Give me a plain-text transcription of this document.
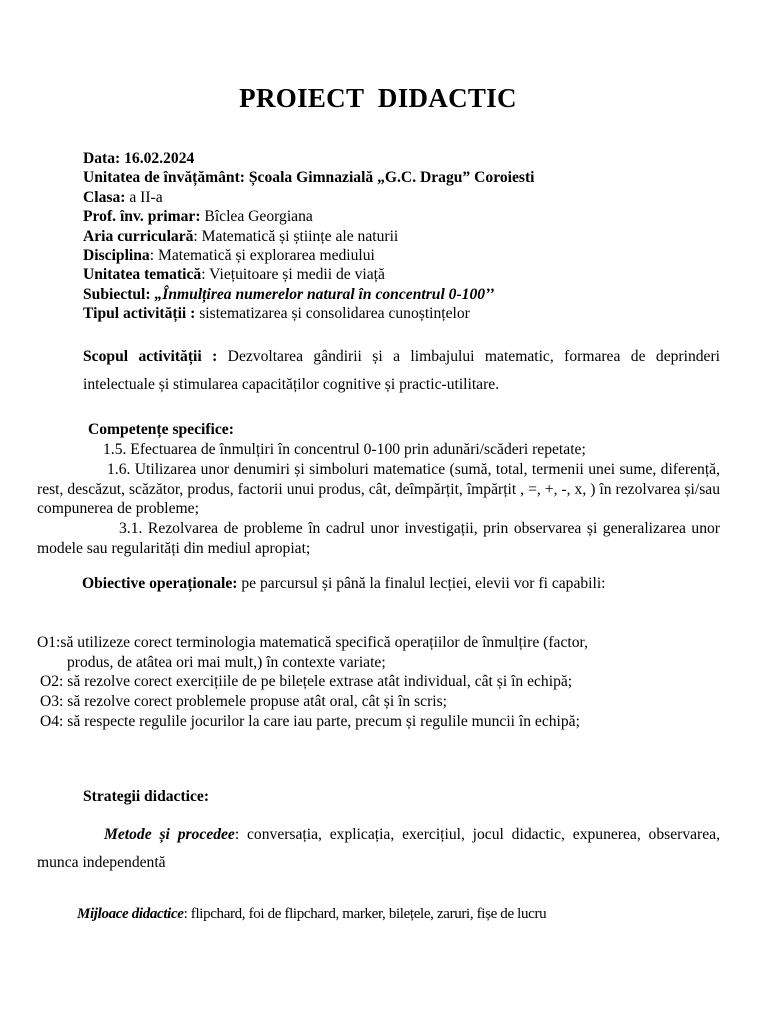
PROIECT  DIDACTIC
Data: 16.02.2024
Unitatea de învățământ: Școala Gimnazială „G.C. Dragu” Coroiesti
Clasa: a II-a
Prof. înv. primar: Bîclea Georgiana
Aria curriculară: Matematică și științe ale naturii
Disciplina: Matematică și explorarea mediului
Unitatea tematică: Viețuitoare și medii de viață
Subiectul: „Înmulțirea numerelor natural în concentrul 0-100’’
Tipul activității : sistematizarea și consolidarea cunoștințelor
Scopul activității : Dezvoltarea gândirii și a limbajului matematic, formarea de deprinderi intelectuale și stimularea capacităților cognitive și practic-utilitare.
Competențe specifice:
1.5. Efectuarea de înmulțiri în concentrul 0-100 prin adunări/scăderi repetate;
1.6. Utilizarea unor denumiri și simboluri matematice (sumă, total, termenii unei sume, diferență, rest, descăzut, scăzător, produs, factorii unui produs, cât, deîmpărțit, împărțit , =, +, -, x, ) în rezolvarea și/sau compunerea de probleme;
3.1. Rezolvarea de probleme în cadrul unor investigații, prin observarea și generalizarea unor modele sau regularități din mediul apropiat;
Obiective operaționale: pe parcursul și până la finalul lecției, elevii vor fi capabili:
O1:să utilizeze corect terminologia matematică specifică operațiilor de înmulțire (factor,
produs, de atâtea ori mai mult,) în contexte variate;
O2: să rezolve corect exercițiile de pe bilețele extrase atât individual, cât și în echipă;
O3: să rezolve corect problemele propuse atât oral, cât și în scris;
O4: să respecte regulile jocurilor la care iau parte, precum și regulile muncii în echipă;
Strategii didactice:
Metode și procedee: conversația, explicația, exercițiul, jocul didactic, expunerea, observarea, munca independentă
Mijloace didactice: flipchard, foi de flipchard, marker, bilețele, zaruri, fișe de lucru
